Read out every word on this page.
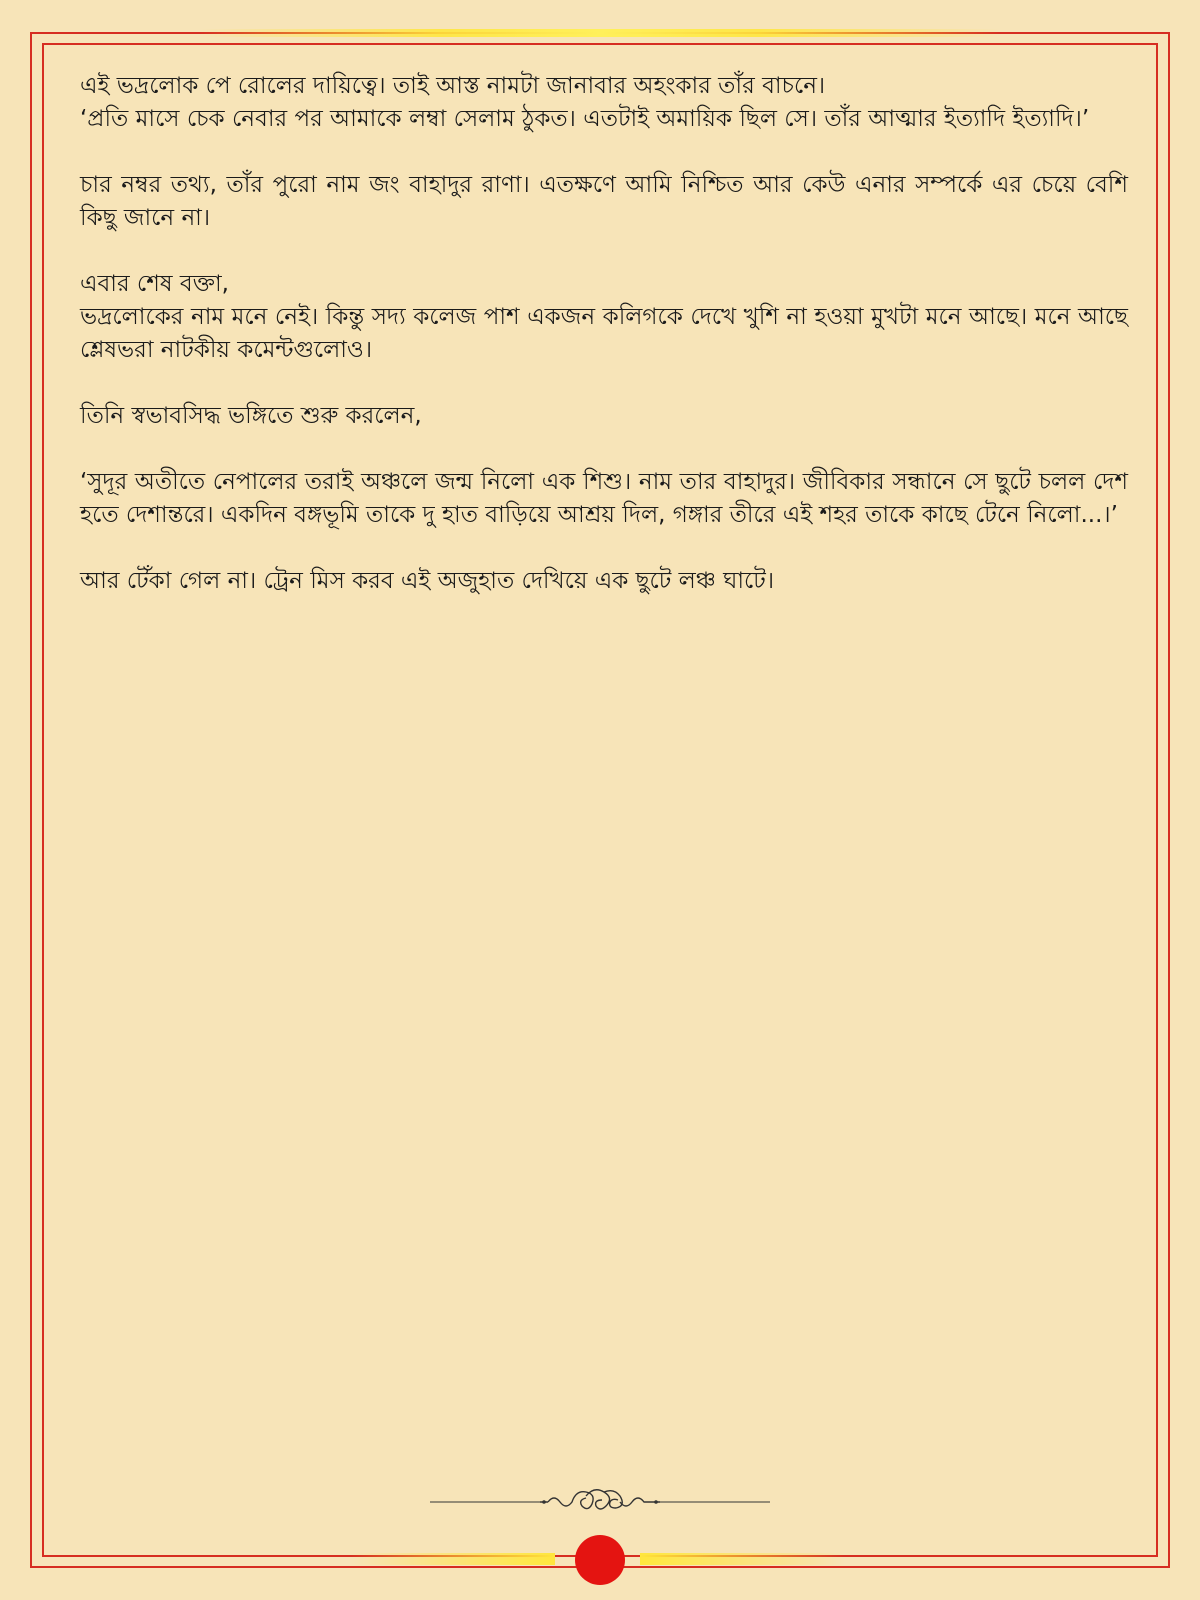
এই ভদ্রলোক পে রোলের দায়িত্বে। তাই আস্ত নামটা জানাবার অহংকার তাঁর বাচনে।

‘প্রতি মাসে চেক নেবার পর আমাকে লম্বা সেলাম ঠুকত। এতটাই অমায়িক ছিল সে। তাঁর আত্মার ইত্যাদি ইত্যাদি।’

চার নম্বর তথ্য, তাঁর পুরো নাম জং বাহাদুর রাণা। এতক্ষণে আমি নিশ্চিত আর কেউ এনার সম্পর্কে এর চেয়ে বেশি কিছু জানে না।

এবার শেষ বক্তা,

ভদ্রলোকের নাম মনে নেই। কিন্তু সদ্য কলেজ পাশ একজন কলিগকে দেখে খুশি না হওয়া মুখটা মনে আছে। মনে আছে শ্লেষভরা নাটকীয় কমেন্টগুলোও।

তিনি স্বভাবসিদ্ধ ভঙ্গিতে শুরু করলেন,

‘সুদূর অতীতে নেপালের তরাই অঞ্চলে জন্ম নিলো এক শিশু। নাম তার বাহাদুর। জীবিকার সন্ধানে সে ছুটে চলল দেশ হতে দেশান্তরে। একদিন বঙ্গভূমি তাকে দু হাত বাড়িয়ে আশ্রয় দিল, গঙ্গার তীরে এই শহর তাকে কাছে টেনে নিলো...।’

আর টেঁকা গেল না। ট্রেন মিস করব এই অজুহাত দেখিয়ে এক ছুটে লঞ্চ ঘাটে।
